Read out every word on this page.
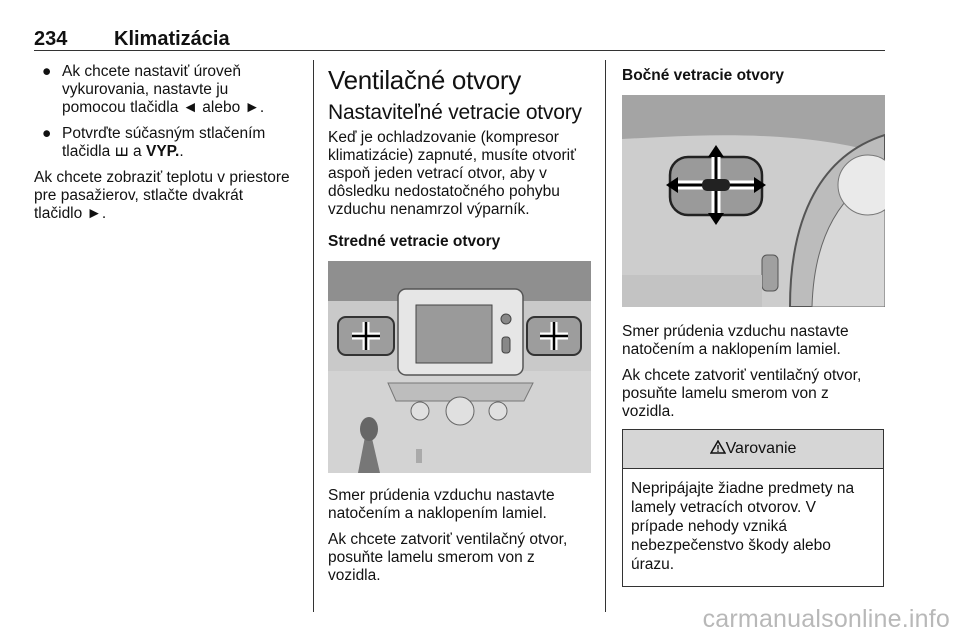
234 Klimatizácia
● Ak chcete nastaviť úroveň
vykurovania, nastavte ju
pomocou tlačidla ◄ alebo ►.
● Potvrďte súčasným stlačením
tlačidla ꟺ a VYP..
Ak chcete zobraziť teplotu v priestore
pre pasažierov, stlačte dvakrát
tlačidlo ►.
Ventilačné otvory
Nastaviteľné vetracie otvory

Keď je ochladzovanie (kompresor
klimatizácie) zapnuté, musíte otvoriť
aspoň jeden vetrací otvor, aby v
dôsledku nedostatočného pohybu
vzduchu nenamrzol výparník.

Stredné vetracie otvory

Smer prúdenia vzduchu nastavte
natočením a naklopením lamiel.

Ak chcete zatvoriť ventilačný otvor,
posuňte lamelu smerom von z
vozidla.

Bočné vetracie otvory

Smer prúdenia vzduchu nastavte
natočením a naklopením lamiel.

Ak chcete zatvoriť ventilačný otvor,
posuňte lamelu smerom von z
vozidla.

Varovanie
Nepripájajte žiadne predmety na
lamely vetracích otvorov. V
prípade nehody vzniká
nebezpečenstvo škody alebo
úrazu.
carmanualsonline.info
